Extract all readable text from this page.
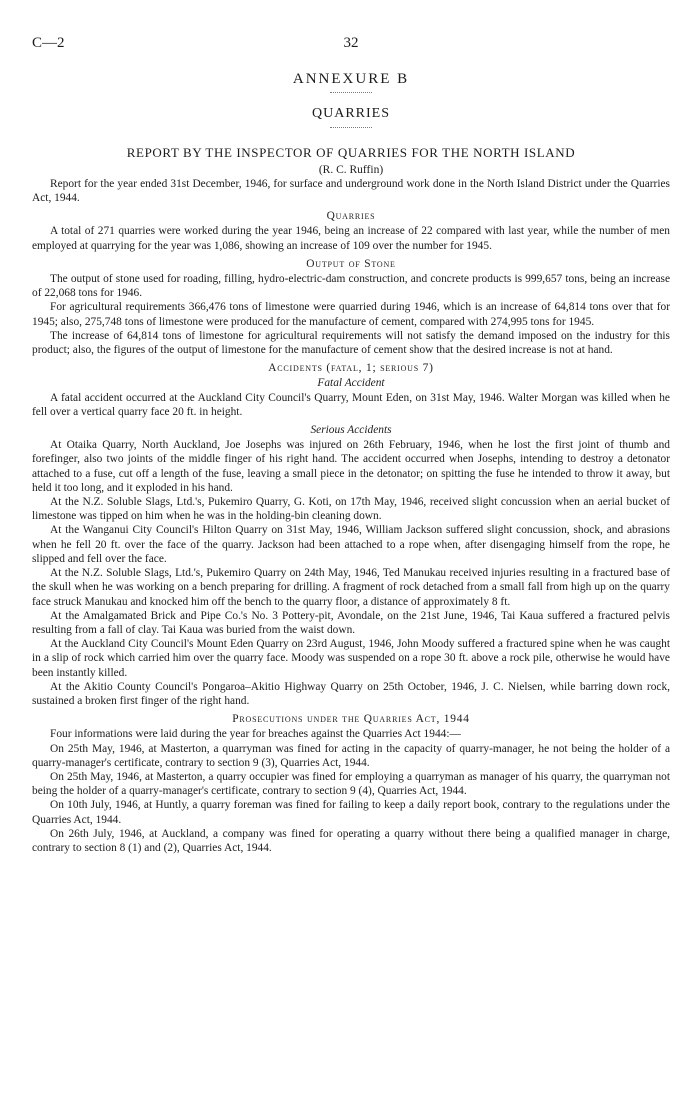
C—2	32
ANNEXURE B
QUARRIES
REPORT BY THE INSPECTOR OF QUARRIES FOR THE NORTH ISLAND
(R. C. Ruffin)

Report for the year ended 31st December, 1946, for surface and underground work done in the North Island District under the Quarries Act, 1944.

Quarries

A total of 271 quarries were worked during the year 1946, being an increase of 22 compared with last year, while the number of men employed at quarrying for the year was 1,086, showing an increase of 109 over the number for 1945.

Output of Stone

The output of stone used for roading, filling, hydro-electric-dam construction, and concrete products is 999,657 tons, being an increase of 22,068 tons for 1946.

For agricultural requirements 366,476 tons of limestone were quarried during 1946, which is an increase of 64,814 tons over that for 1945; also, 275,748 tons of limestone were produced for the manufacture of cement, compared with 274,995 tons for 1945.

The increase of 64,814 tons of limestone for agricultural requirements will not satisfy the demand imposed on the industry for this product; also, the figures of the output of limestone for the manufacture of cement show that the desired increase is not at hand.

Accidents (fatal, 1; serious 7)
Fatal Accident

A fatal accident occurred at the Auckland City Council's Quarry, Mount Eden, on 31st May, 1946. Walter Morgan was killed when he fell over a vertical quarry face 20 ft. in height.

Serious Accidents

At Otaika Quarry, North Auckland, Joe Josephs was injured on 26th February, 1946, when he lost the first joint of thumb and forefinger, also two joints of the middle finger of his right hand. The accident occurred when Josephs, intending to destroy a detonator attached to a fuse, cut off a length of the fuse, leaving a small piece in the detonator; on spitting the fuse he intended to throw it away, but held it too long, and it exploded in his hand.

At the N.Z. Soluble Slags, Ltd.'s, Pukemiro Quarry, G. Koti, on 17th May, 1946, received slight concussion when an aerial bucket of limestone was tipped on him when he was in the holding-bin cleaning down.

At the Wanganui City Council's Hilton Quarry on 31st May, 1946, William Jackson suffered slight concussion, shock, and abrasions when he fell 20 ft. over the face of the quarry. Jackson had been attached to a rope when, after disengaging himself from the rope, he slipped and fell over the face.

At the N.Z. Soluble Slags, Ltd.'s, Pukemiro Quarry on 24th May, 1946, Ted Manukau received injuries resulting in a fractured base of the skull when he was working on a bench preparing for drilling. A fragment of rock detached from a small fall from high up on the quarry face struck Manukau and knocked him off the bench to the quarry floor, a distance of approximately 8 ft.

At the Amalgamated Brick and Pipe Co.'s No. 3 Pottery-pit, Avondale, on the 21st June, 1946, Tai Kaua suffered a fractured pelvis resulting from a fall of clay. Tai Kaua was buried from the waist down.

At the Auckland City Council's Mount Eden Quarry on 23rd August, 1946, John Moody suffered a fractured spine when he was caught in a slip of rock which carried him over the quarry face. Moody was suspended on a rope 30 ft. above a rock pile, otherwise he would have been instantly killed.

At the Akitio County Council's Pongaroa–Akitio Highway Quarry on 25th October, 1946, J. C. Nielsen, while barring down rock, sustained a broken first finger of the right hand.

Prosecutions under the Quarries Act, 1944

Four informations were laid during the year for breaches against the Quarries Act 1944:—

On 25th May, 1946, at Masterton, a quarryman was fined for acting in the capacity of quarry-manager, he not being the holder of a quarry-manager's certificate, contrary to section 9 (3), Quarries Act, 1944.

On 25th May, 1946, at Masterton, a quarry occupier was fined for employing a quarryman as manager of his quarry, the quarryman not being the holder of a quarry-manager's certificate, contrary to section 9 (4), Quarries Act, 1944.

On 10th July, 1946, at Huntly, a quarry foreman was fined for failing to keep a daily report book, contrary to the regulations under the Quarries Act, 1944.

On 26th July, 1946, at Auckland, a company was fined for operating a quarry without there being a qualified manager in charge, contrary to section 8 (1) and (2), Quarries Act, 1944.
